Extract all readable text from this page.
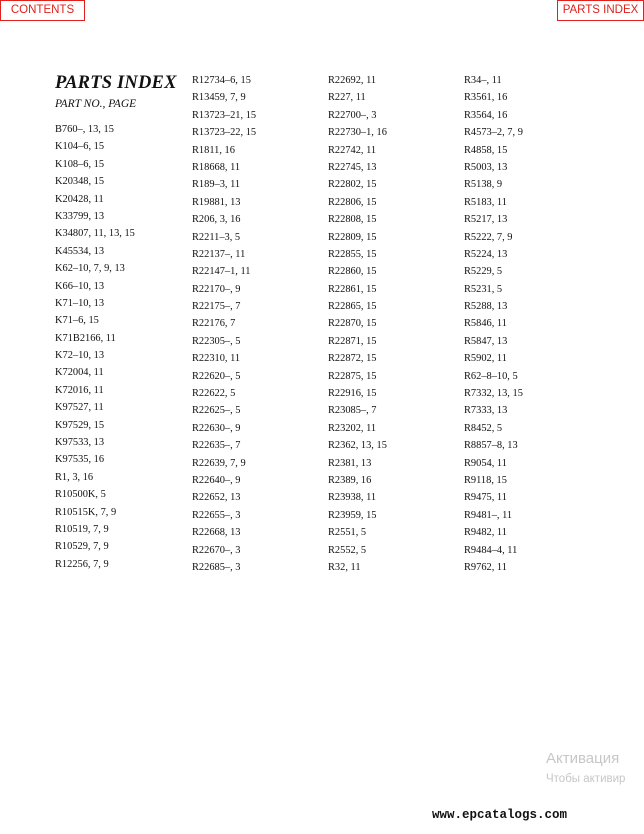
CONTENTS	PARTS INDEX
PARTS INDEX
PART NO., PAGE
B760–, 13, 15
K104–6, 15
K108–6, 15
K20348, 15
K20428, 11
K33799, 13
K34807, 11, 13, 15
K45534, 13
K62–10, 7, 9, 13
K66–10, 13
K71–10, 13
K71–6, 15
K71B2166, 11
K72–10, 13
K72004, 11
K72016, 11
K97527, 11
K97529, 15
K97533, 13
K97535, 16
R1, 3, 16
R10500K, 5
R10515K, 7, 9
R10519, 7, 9
R10529, 7, 9
R12256, 7, 9
R12734–6, 15
R13459, 7, 9
R13723–21, 15
R13723–22, 15
R1811, 16
R18668, 11
R189–3, 11
R19881, 13
R206, 3, 16
R2211–3, 5
R22137–, 11
R22147–1, 11
R22170–, 9
R22175–, 7
R22176, 7
R22305–, 5
R22310, 11
R22620–, 5
R22622, 5
R22625–, 5
R22630–, 9
R22635–, 7
R22639, 7, 9
R22640–, 9
R22652, 13
R22655–, 3
R22668, 13
R22670–, 3
R22685–, 3
R22692, 11
R227, 11
R22700–, 3
R22730–1, 16
R22742, 11
R22745, 13
R22802, 15
R22806, 15
R22808, 15
R22809, 15
R22855, 15
R22860, 15
R22861, 15
R22865, 15
R22870, 15
R22871, 15
R22872, 15
R22875, 15
R22916, 15
R23085–, 7
R23202, 11
R2362, 13, 15
R2381, 13
R2389, 16
R23938, 11
R23959, 15
R2551, 5
R2552, 5
R32, 11
R34–, 11
R3561, 16
R3564, 16
R4573–2, 7, 9
R4858, 15
R5003, 13
R5138, 9
R5183, 11
R5217, 13
R5222, 7, 9
R5224, 13
R5229, 5
R5231, 5
R5288, 13
R5846, 11
R5847, 13
R5902, 11
R62–8–10, 5
R7332, 13, 15
R7333, 13
R8452, 5
R8857–8, 13
R9054, 11
R9118, 15
R9475, 11
R9481–, 11
R9482, 11
R9484–4, 11
R9762, 11
Активация
Чтобы активир
www.epcatalogs.com
